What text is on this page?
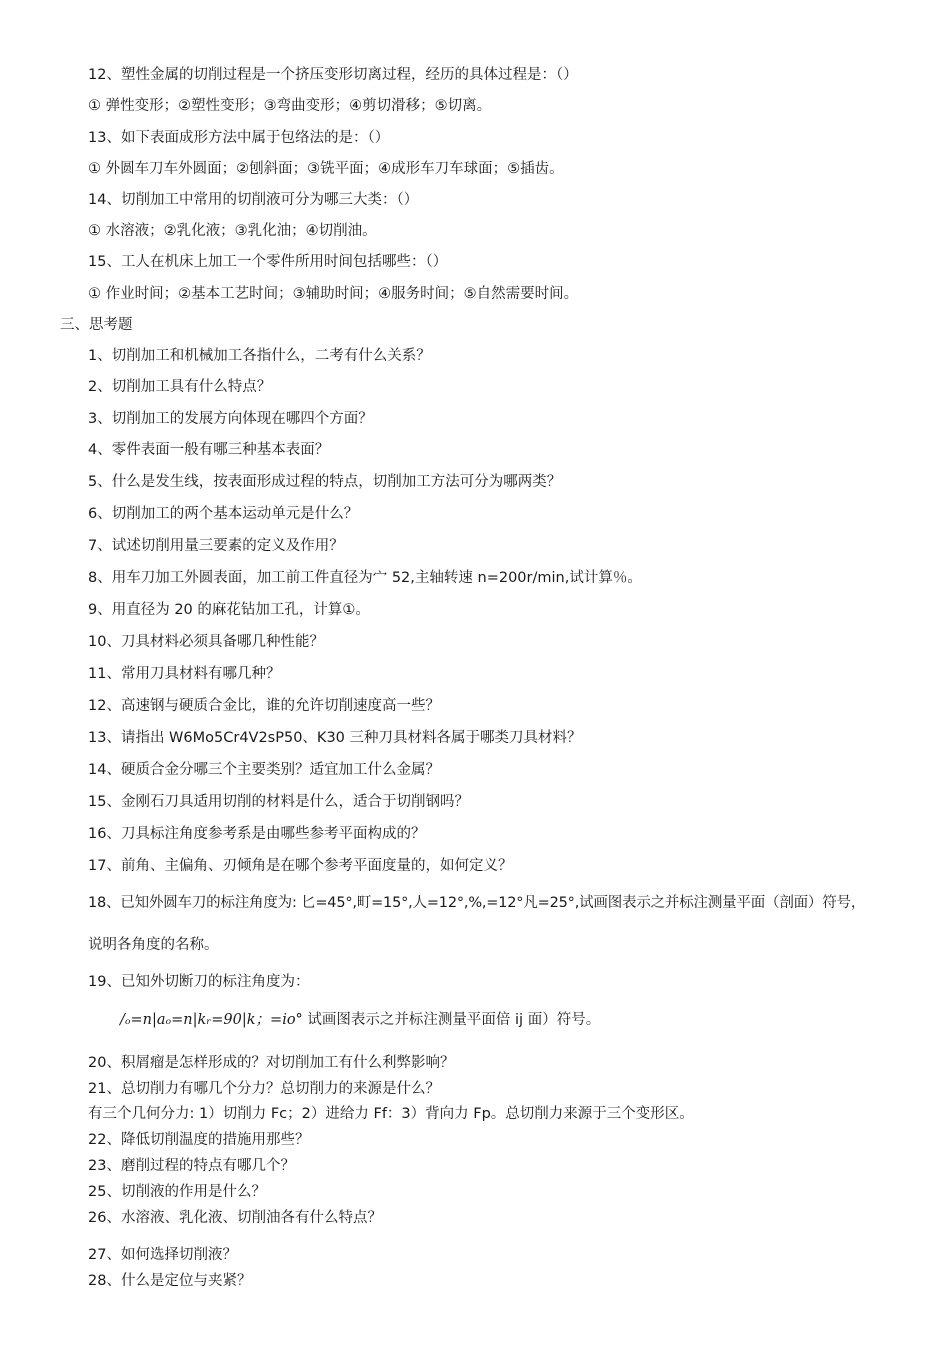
12、塑性金属的切削过程是一个挤压变形切离过程，经历的具体过程是：（）
① 弹性变形；②塑性变形；③弯曲变形；④剪切滑移；⑤切离。
13、如下表面成形方法中属于包络法的是：（）
① 外圆车刀车外圆面；②刨斜面；③铣平面；④成形车刀车球面；⑤插齿。
14、切削加工中常用的切削液可分为哪三大类：（）
① 水溶液；②乳化液；③乳化油；④切削油。
15、工人在机床上加工一个零件所用时间包括哪些：（）
① 作业时间；②基本工艺时间；③辅助时间；④服务时间；⑤自然需要时间。
三、思考题
1、切削加工和机械加工各指什么，二考有什么关系？
2、切削加工具有什么特点？
3、切削加工的发展方向体现在哪四个方面？
4、零件表面一般有哪三种基本表面？
5、什么是发生线，按表面形成过程的特点，切削加工方法可分为哪两类？
6、切削加工的两个基本运动单元是什么？
7、试述切削用量三要素的定义及作用？
8、用车刀加工外圆表面，加工前工件直径为宀 52,主轴转速 n=200r/min,试计算％。
9、用直径为 20 的麻花钻加工孔，计算①。
10、刀具材料必须具备哪几种性能？
11、常用刀具材料有哪几种？
12、高速钢与硬质合金比，谁的允许切削速度高一些？
13、请指出 W6Mo5Cr4V2sP50、K30 三种刀具材料各属于哪类刀具材料？
14、硬质合金分哪三个主要类别？适宜加工什么金属？
15、金刚石刀具适用切削的材料是什么，适合于切削钢吗？
16、刀具标注角度参考系是由哪些参考平面构成的？
17、前角、主偏角、刃倾角是在哪个参考平面度量的，如何定义？
18、已知外圆车刀的标注角度为: 匕=45°,町=15°,人=12°,%,=12°凡=25°,试画图表示之并标注测量平面（剖面）符号，
说明各角度的名称。
19、已知外切断刀的标注角度为：
/ₒ=n|aₒ=n|kᵣ=90|k；=io° 试画图表示之并标注测量平面倍 ij 面）符号。
20、积屑瘤是怎样形成的？对切削加工有什么利弊影响？
21、总切削力有哪几个分力？总切削力的来源是什么？
有三个几何分力: 1）切削力 Fc；2）进给力 Ff：3）背向力 Fp。总切削力来源于三个变形区。
22、降低切削温度的措施用那些？
23、磨削过程的特点有哪几个？
25、切削液的作用是什么？
26、水溶液、乳化液、切削油各有什么特点？
27、如何选择切削液？
28、什么是定位与夹紧？
